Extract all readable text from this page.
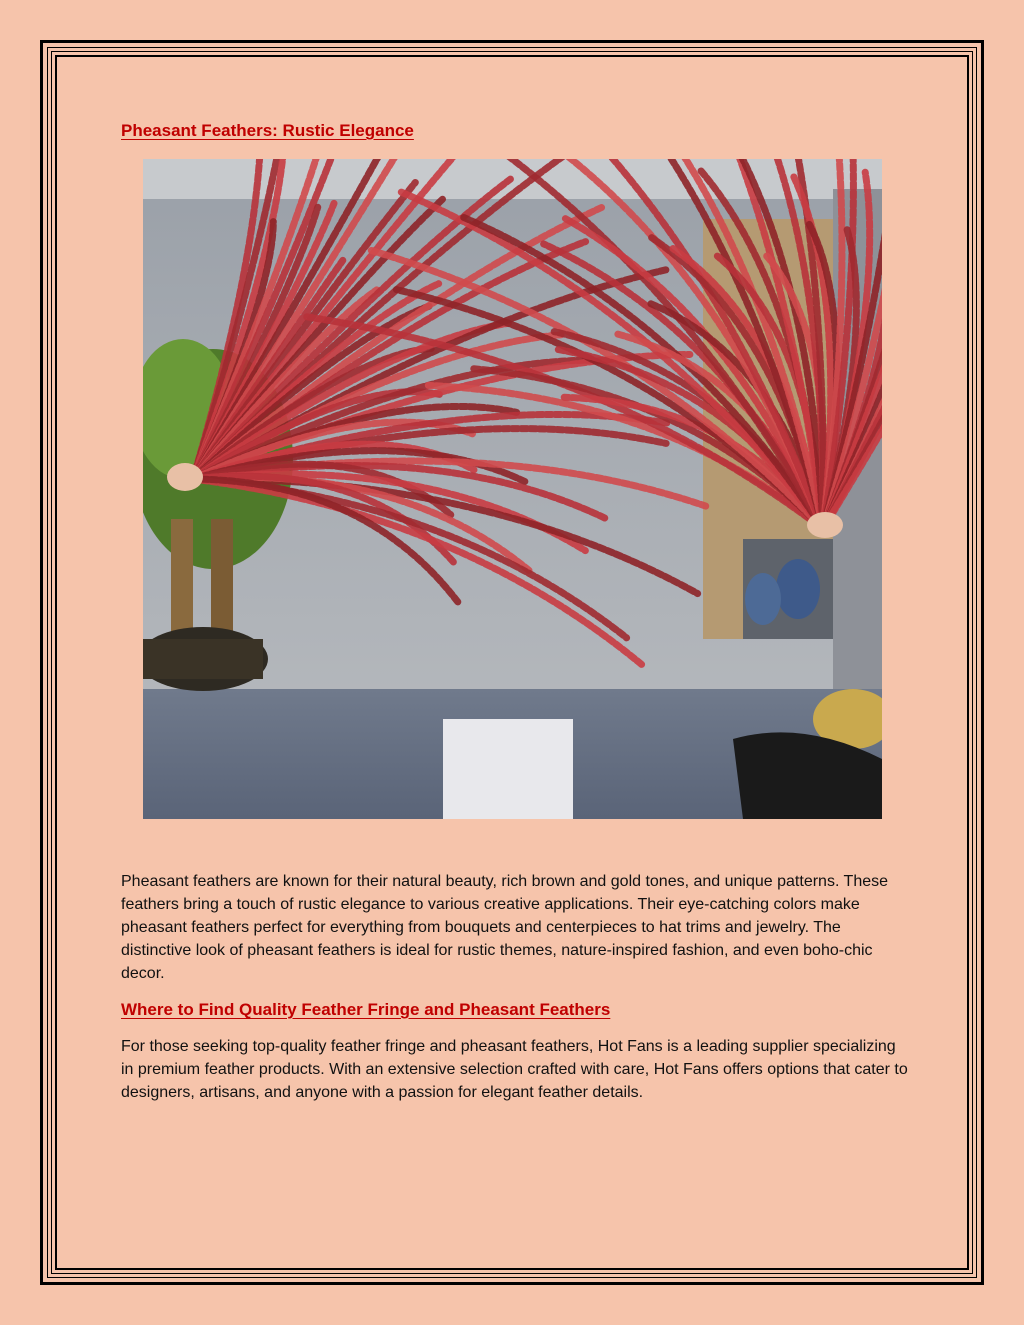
Pheasant Feathers: Rustic Elegance

Pheasant feathers are known for their natural beauty, rich brown and gold tones, and unique patterns. These feathers bring a touch of rustic elegance to various creative applications. Their eye-catching colors make pheasant feathers perfect for everything from bouquets and centerpieces to hat trims and jewelry. The distinctive look of pheasant feathers is ideal for rustic themes, nature-inspired fashion, and even boho-chic decor.

Where to Find Quality Feather Fringe and Pheasant Feathers

For those seeking top-quality feather fringe and pheasant feathers, Hot Fans is a leading supplier specializing in premium feather products. With an extensive selection crafted with care, Hot Fans offers options that cater to designers, artisans, and anyone with a passion for elegant feather details.
